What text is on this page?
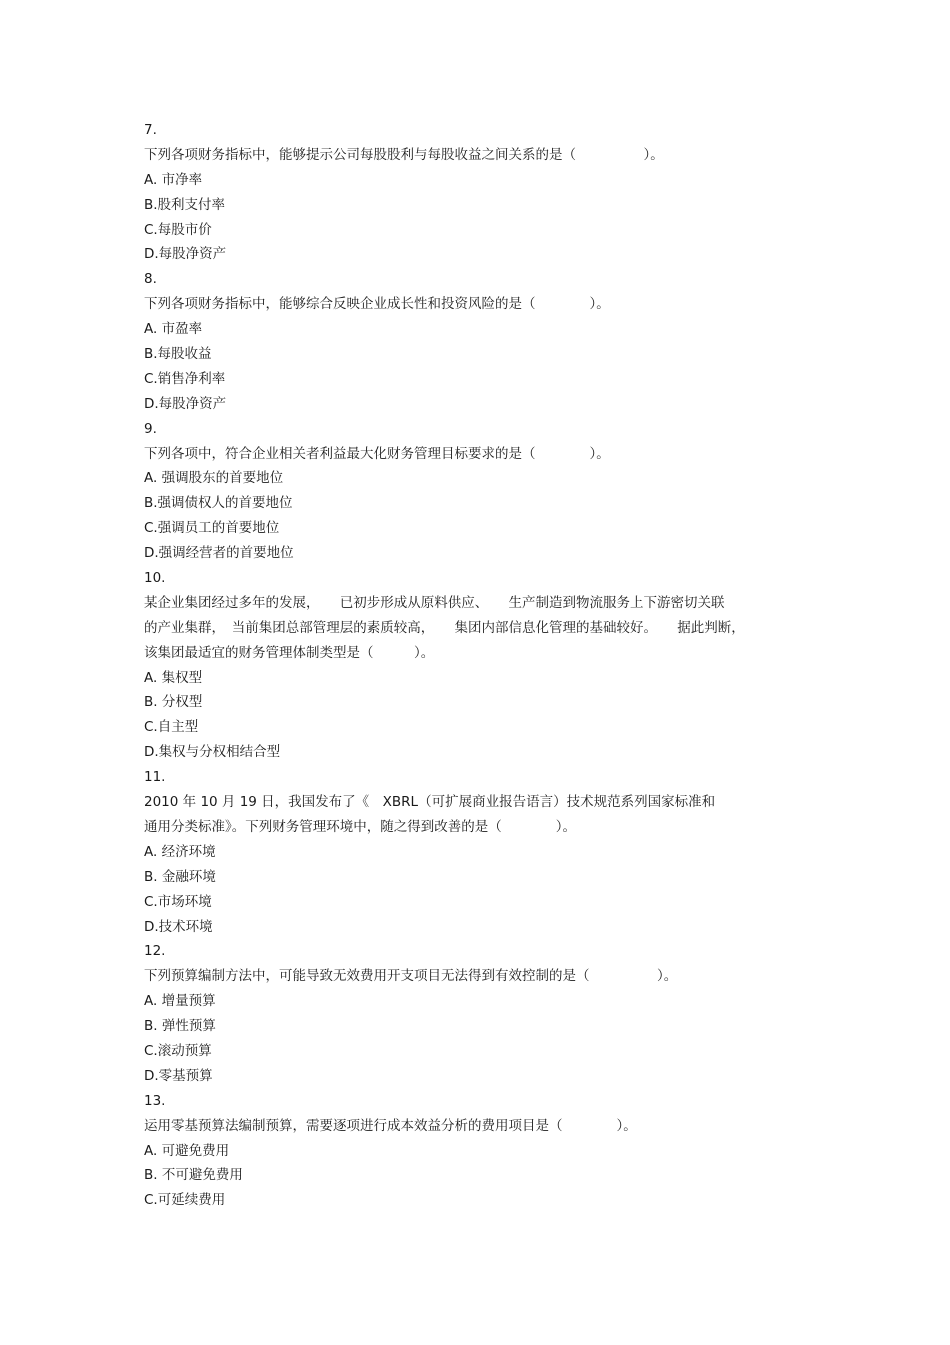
7.
下列各项财务指标中，能够提示公司每股股利与每股收益之间关系的是（　　　　　）。
A. 市净率
B.股利支付率
C.每股市价
D.每股净资产
8.
下列各项财务指标中，能够综合反映企业成长性和投资风险的是（　　　　）。
A. 市盈率
B.每股收益
C.销售净利率
D.每股净资产
9.
下列各项中，符合企业相关者利益最大化财务管理目标要求的是（　　　　）。
A. 强调股东的首要地位
B.强调债权人的首要地位
C.强调员工的首要地位
D.强调经营者的首要地位
10.
某企业集团经过多年的发展，　　已初步形成从原料供应、　　生产制造到物流服务上下游密切关联
的产业集群，　当前集团总部管理层的素质较高，　　集团内部信息化管理的基础较好。　　据此判断，
该集团最适宜的财务管理体制类型是（　　　）。
A. 集权型
B. 分权型
C.自主型
D.集权与分权相结合型
11.
2010 年 10 月 19 日，我国发布了《　XBRL（可扩展商业报告语言）技术规范系列国家标准和
通用分类标准》。下列财务管理环境中，随之得到改善的是（　　　　）。
A. 经济环境
B. 金融环境
C.市场环境
D.技术环境
12.
下列预算编制方法中，可能导致无效费用开支项目无法得到有效控制的是（　　　　　）。
A. 增量预算
B. 弹性预算
C.滚动预算
D.零基预算
13.
运用零基预算法编制预算，需要逐项进行成本效益分析的费用项目是（　　　　）。
A. 可避免费用
B. 不可避免费用
C.可延续费用
